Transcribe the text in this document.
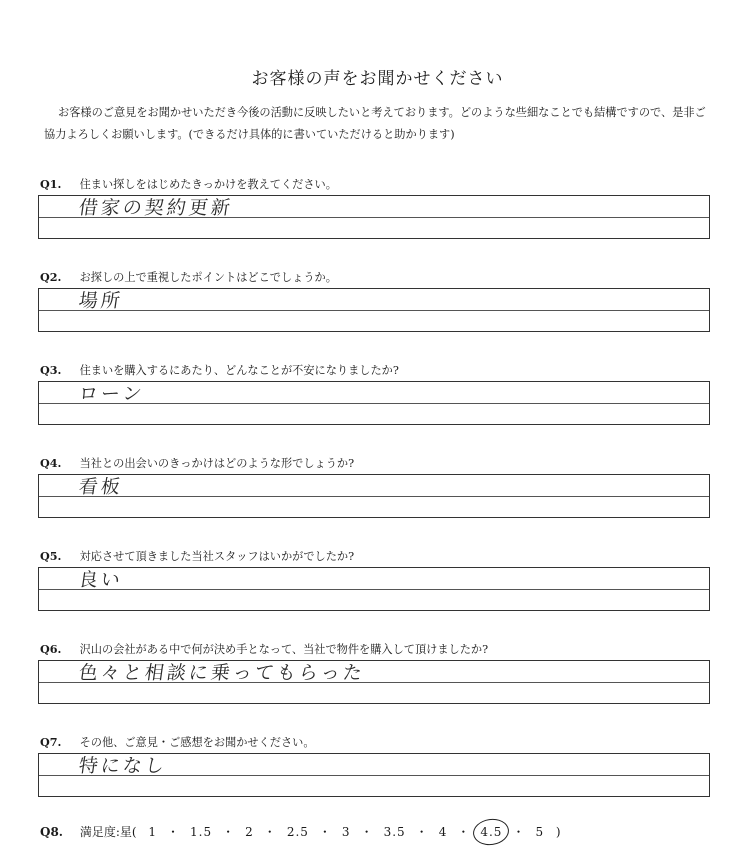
お客様の声をお聞かせください
お客様のご意見をお聞かせいただき今後の活動に反映したいと考えております。どのような些細なことでも結構ですので、是非ご協力よろしくお願いします。(できるだけ具体的に書いていただけると助かります)
Q1. 住まい探しをはじめたきっかけを教えてください。
借家の契約更新
Q2. お探しの上で重視したポイントはどこでしょうか。
場所
Q3. 住まいを購入するにあたり、どんなことが不安になりましたか?
ローン
Q4. 当社との出会いのきっかけはどのような形でしょうか?
看板
Q5. 対応させて頂きました当社スタッフはいかがでしたか?
良い
Q6. 沢山の会社がある中で何が決め手となって、当社で物件を購入して頂けましたか?
色々と相談に乗ってもらった
Q7. その他、ご意見・ご感想をお聞かせください。
特になし
Q8. 満足度:星( 1 ・ 1.5 ・ 2 ・ 2.5 ・ 3 ・ 3.5 ・ 4 ・ 4.5 ・ 5 )
